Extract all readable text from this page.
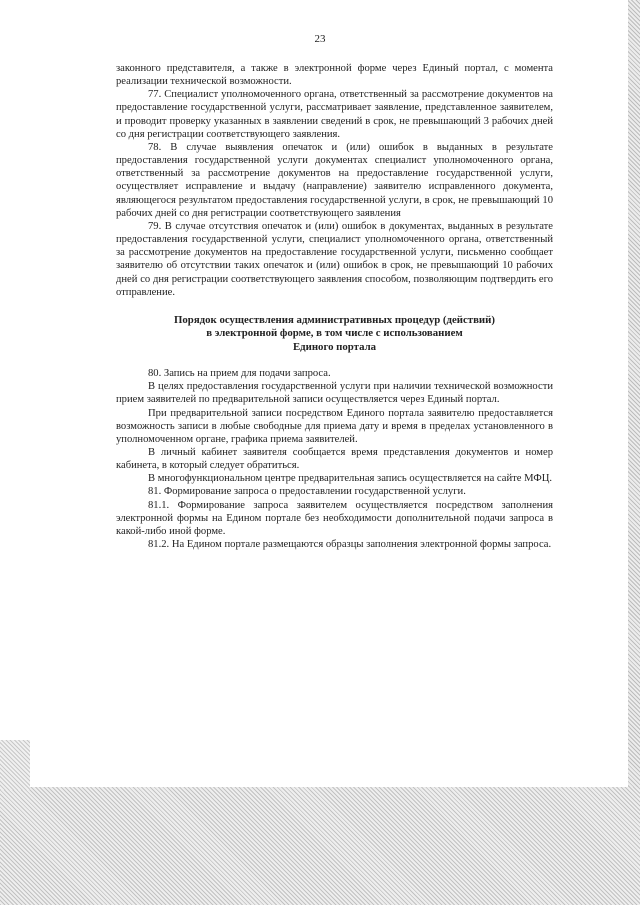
23

законного представителя, а также в электронной форме через Единый портал, с момента реализации технической возможности.

77. Специалист уполномоченного органа, ответственный за рассмотрение документов на предоставление государственной услуги, рассматривает заявление, представленное заявителем, и проводит проверку указанных в заявлении сведений в срок, не превышающий 3 рабочих дней со дня регистрации соответствующего заявления.

78. В случае выявления опечаток и (или) ошибок в выданных в результате предоставления государственной услуги документах специалист уполномоченного органа, ответственный за рассмотрение документов на предоставление государственной услуги, осуществляет исправление и выдачу (направление) заявителю исправленного документа, являющегося результатом предоставления государственной услуги, в срок, не превышающий 10 рабочих дней со дня регистрации соответствующего заявления

79. В случае отсутствия опечаток и (или) ошибок в документах, выданных в результате предоставления государственной услуги, специалист уполномоченного органа, ответственный за рассмотрение документов на предоставление государственной услуги, письменно сообщает заявителю об отсутствии таких опечаток и (или) ошибок в срок, не превышающий 10 рабочих дней со дня регистрации соответствующего заявления способом, позволяющим подтвердить его отправление.

Порядок осуществления административных процедур (действий)
в электронной форме, в том числе с использованием
Единого портала

80. Запись на прием для подачи запроса.

В целях предоставления государственной услуги при наличии технической возможности прием заявителей по предварительной записи осуществляется через Единый портал.

При предварительной записи посредством Единого портала заявителю предоставляется возможность записи в любые свободные для приема дату и время в пределах установленного в уполномоченном органе, графика приема заявителей.

В личный кабинет заявителя сообщается время представления документов и номер кабинета, в который следует обратиться.

В многофункциональном центре предварительная запись осуществляется на сайте МФЦ.

81. Формирование запроса о предоставлении государственной услуги.

81.1. Формирование запроса заявителем осуществляется посредством заполнения электронной формы на Едином портале без необходимости дополнительной подачи запроса в какой-либо иной форме.

81.2. На Едином портале размещаются образцы заполнения электронной формы запроса.
